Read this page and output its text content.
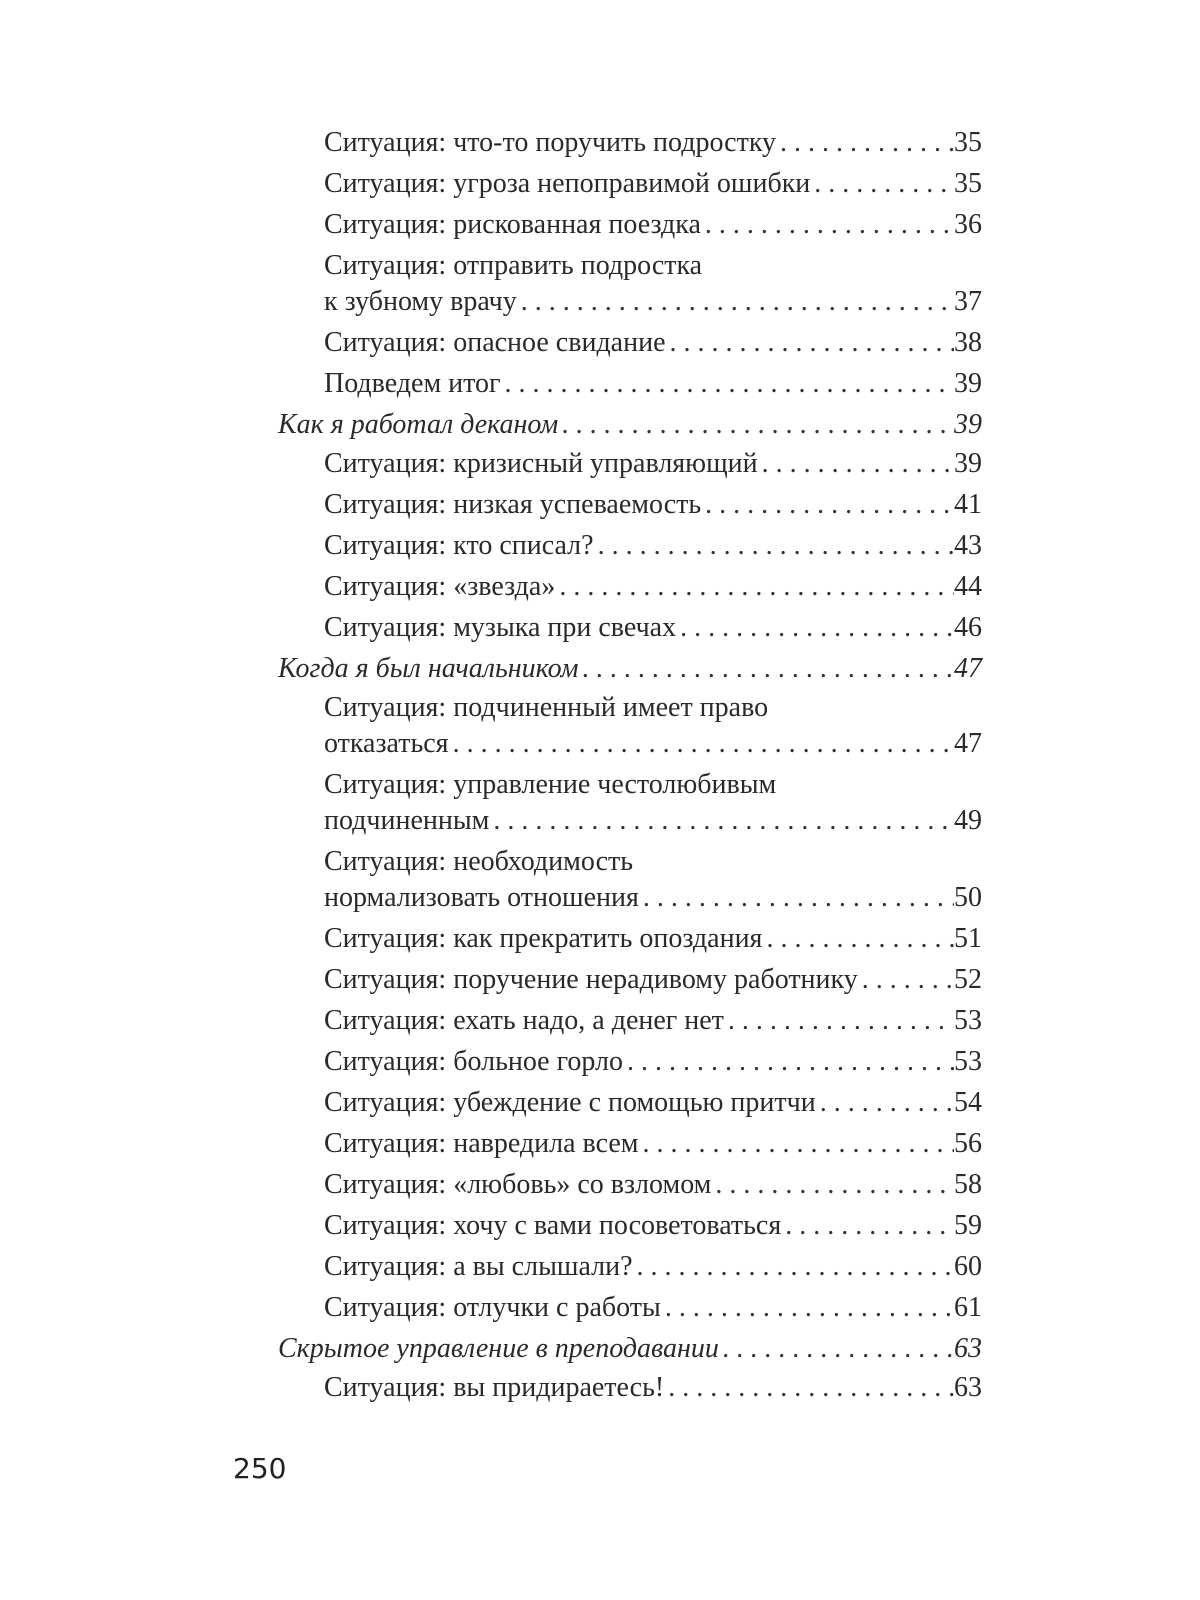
Ситуация: что-то поручить подростку . . .	35
Ситуация: угроза непоправимой ошибки . . .	35
Ситуация: рискованная поездка . . .	36
Ситуация: отправить подростка
к зубному врачу . . .	37
Ситуация: опасное свидание . . .	38
Подведем итог . . .	39
Как я работал деканом . . .	39
Ситуация: кризисный управляющий . . .	39
Ситуация: низкая успеваемость . . .	41
Ситуация: кто списал? . . .	43
Ситуация: «звезда» . . .	44
Ситуация: музыка при свечах . . .	46
Когда я был начальником . . .	47
Ситуация: подчиненный имеет право
отказаться . . .	47
Ситуация: управление честолюбивым
подчиненным . . .	49
Ситуация: необходимость
нормализовать отношения . . .	50
Ситуация: как прекратить опоздания . . .	51
Ситуация: поручение нерадивому работнику . . .	52
Ситуация: ехать надо, а денег нет . . .	53
Ситуация: больное горло . . .	53
Ситуация: убеждение с помощью притчи . . .	54
Ситуация: навредила всем . . .	56
Ситуация: «любовь» со взломом . . .	58
Ситуация: хочу с вами посоветоваться . . .	59
Ситуация: а вы слышали? . . .	60
Ситуация: отлучки с работы . . .	61
Скрытое управление в преподавании . . .	63
Ситуация: вы придираетесь! . . .	63
250
